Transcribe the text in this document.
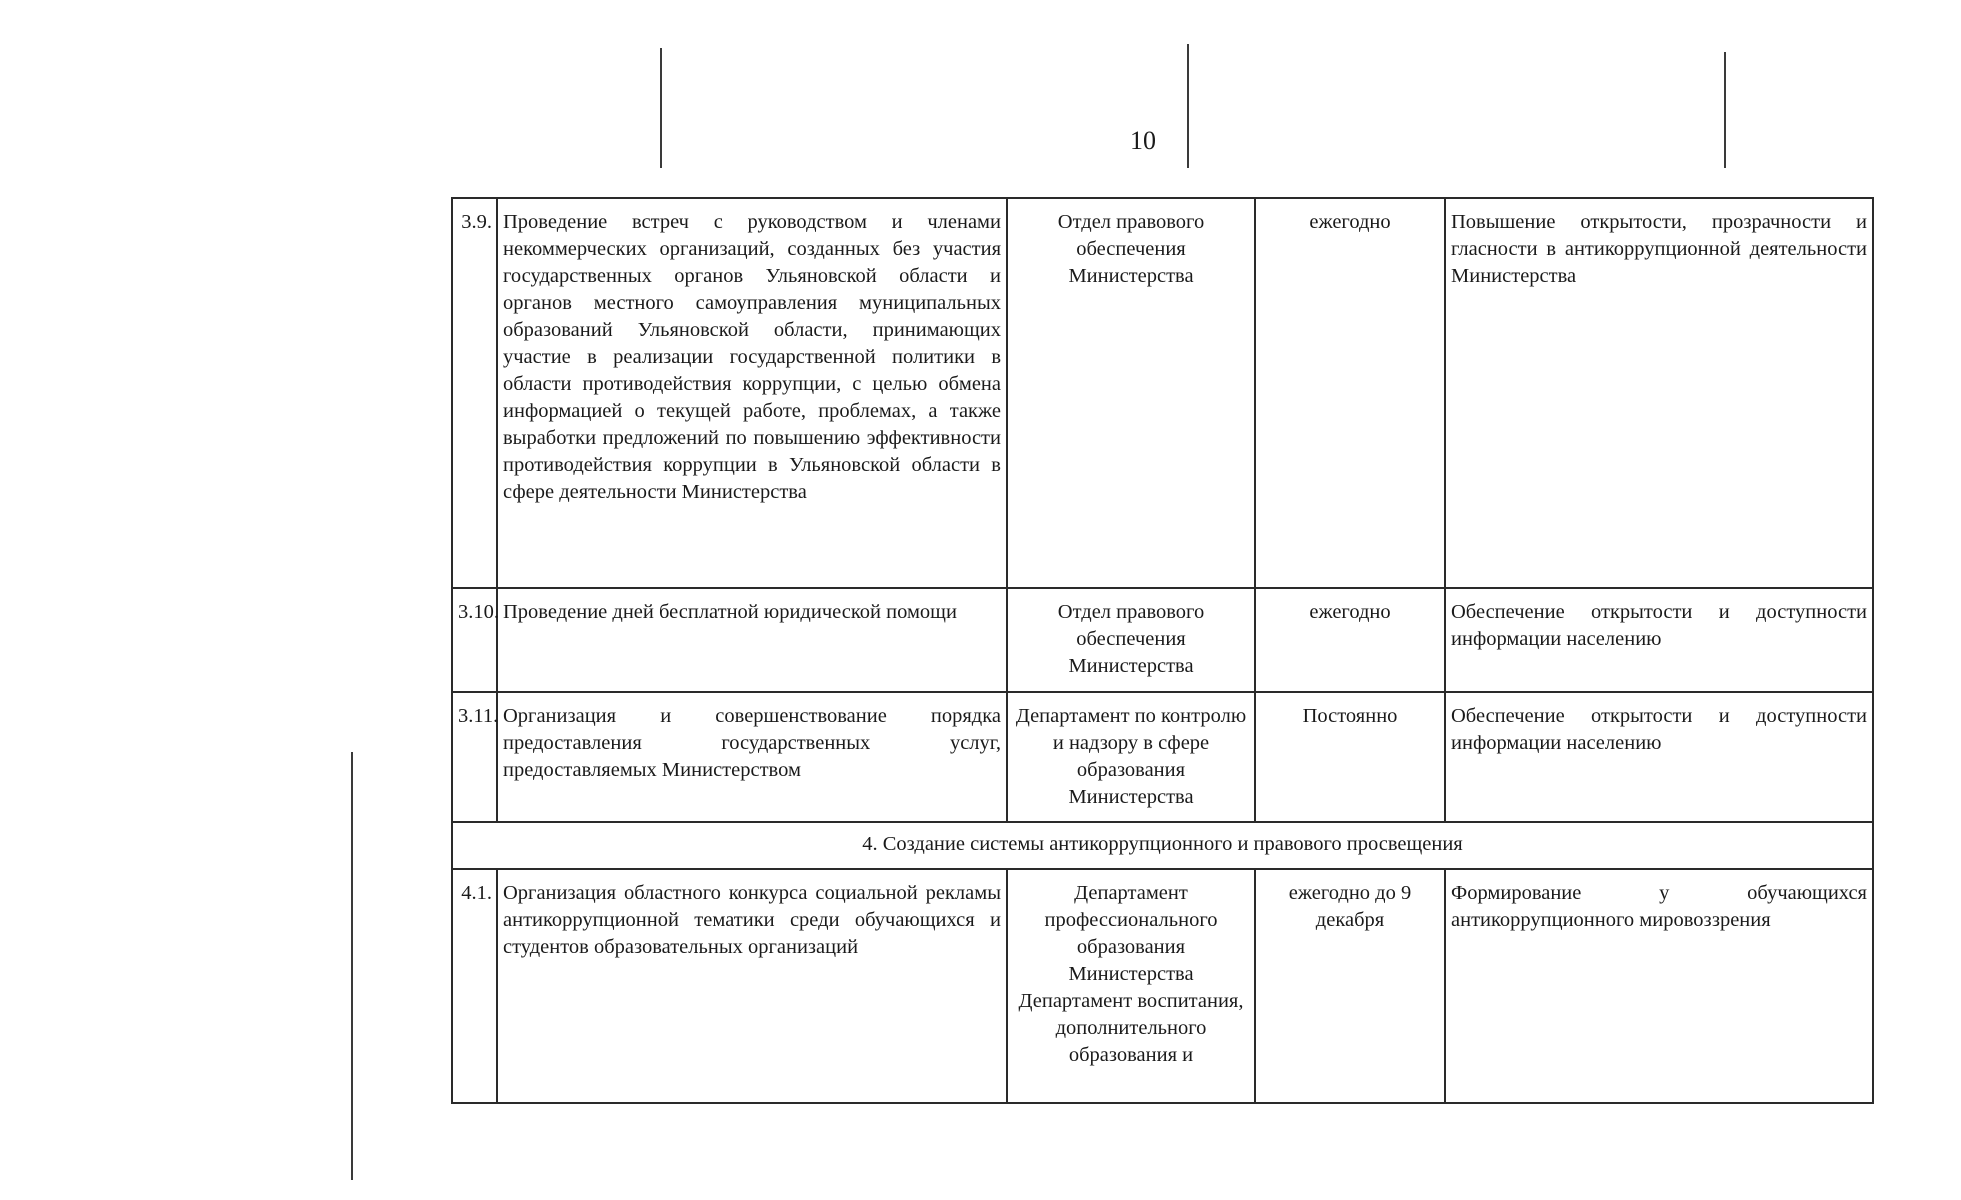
10
3.9.	Проведение встреч с руководством и членами некоммерческих организаций, созданных без участия государственных органов Ульяновской области и органов местного самоуправления муниципальных образований Ульяновской области, принимающих участие в реализации государственной политики в области противодействия коррупции, с целью обмена информацией о текущей работе, проблемах, а также выработки предложений по повышению эффективности противодействия коррупции в Ульяновской области в сфере деятельности Министерства	Отдел правового обеспечения Министерства	ежегодно	Повышение открытости, прозрачности и гласности в антикоррупционной деятельности Министерства
3.10.	Проведение дней бесплатной юридической помощи	Отдел правового обеспечения Министерства	ежегодно	Обеспечение открытости и доступности информации населению
3.11.	Организация и совершенствование порядка предоставления государственных услуг, предоставляемых Министерством	Департамент по контролю и надзору в сфере образования Министерства	Постоянно	Обеспечение открытости и доступности информации населению
4. Создание системы антикоррупционного и правового просвещения				
4.1.	Организация областного конкурса социальной рекламы антикоррупционной тематики среди обучающихся и студентов образовательных организаций	Департамент профессионального образования Министерства Департамент воспитания, дополнительного образования и	ежегодно до 9 декабря	Формирование у обучающихся антикоррупционного мировоззрения
